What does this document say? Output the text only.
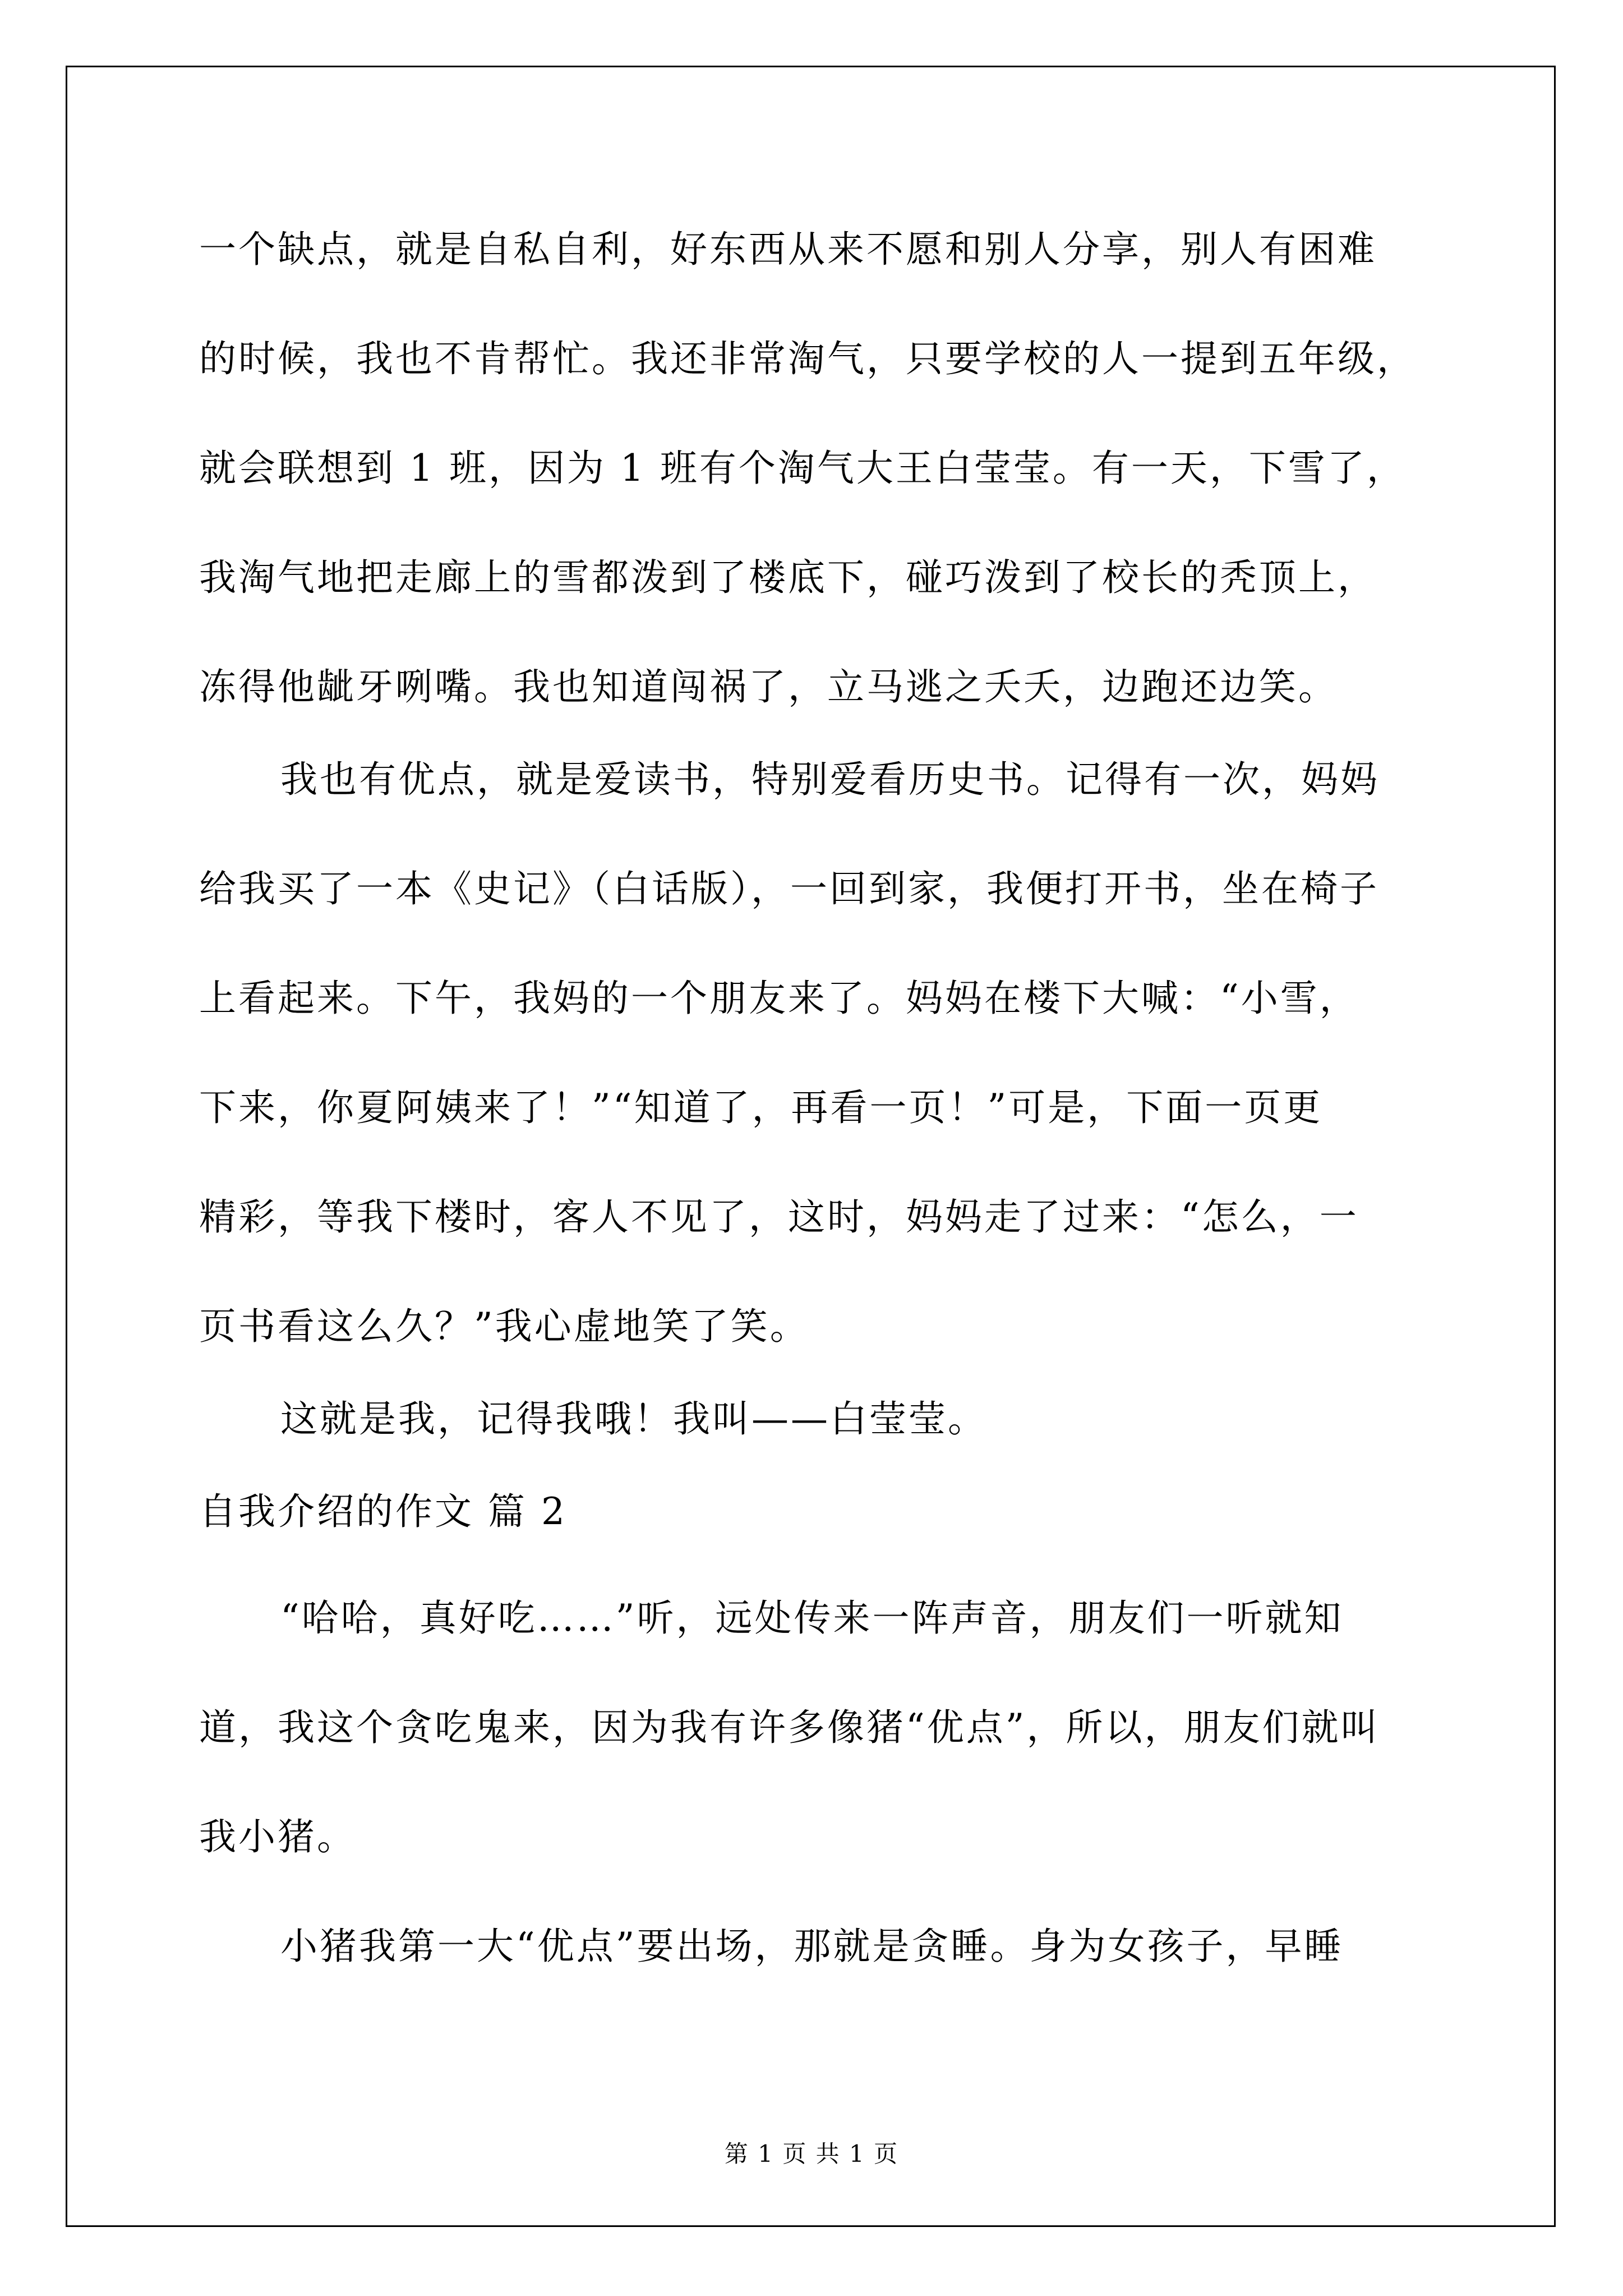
一个缺点，就是自私自利，好东西从来不愿和别人分享，别人有困难
的时候，我也不肯帮忙。我还非常淘气，只要学校的人一提到五年级，
就会联想到 1 班，因为 1 班有个淘气大王白莹莹。有一天，下雪了，
我淘气地把走廊上的雪都泼到了楼底下，碰巧泼到了校长的秃顶上，
冻得他龇牙咧嘴。我也知道闯祸了，立马逃之夭夭，边跑还边笑。
我也有优点，就是爱读书，特别爱看历史书。记得有一次，妈妈
给我买了一本《史记》（白话版），一回到家，我便打开书，坐在椅子
上看起来。下午，我妈的一个朋友来了。妈妈在楼下大喊：“小雪，
下来，你夏阿姨来了！”“知道了，再看一页！”可是，下面一页更
精彩，等我下楼时，客人不见了，这时，妈妈走了过来：“怎么，一
页书看这么久？”我心虚地笑了笑。
这就是我，记得我哦！我叫——白莹莹。
自我介绍的作文 篇 2
“哈哈，真好吃……”听，远处传来一阵声音，朋友们一听就知
道，我这个贪吃鬼来，因为我有许多像猪“优点”，所以，朋友们就叫
我小猪。
小猪我第一大“优点”要出场，那就是贪睡。身为女孩子，早睡
第 1 页 共 1 页
